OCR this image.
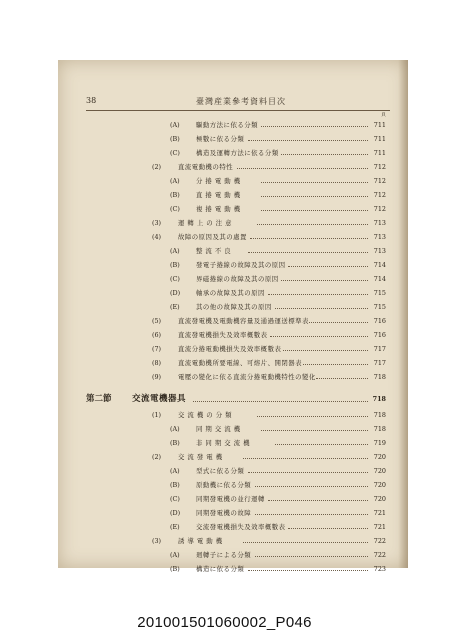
38	臺灣産業參考資料目次
頁
(A)	驅動方法に依る分類	711
(B)	極數に依る分類	711
(C)	構造及運轉方法に依る分類	711
(2)	直流電動機の特性	712
(A)	分 捲 電 動 機	712
(B)	直 捲 電 動 機	712
(C)	複 捲 電 動 機	712
(3)	運 轉 上 の 注 意	713
(4)	故障の原因及其の處置	713
(A)	整 流 不 良	713
(B)	發電子捲線の故障及其の原因	714
(C)	界磁捲線の故障及其の原因	714
(D) 軸承の故障及其の原因	715
(E)	其の他の故障及其の原因	715
(5)	直流發電機及電動機容量及通過運送標準表	716
(6)	直流發電機損失及效率概數表	716
(7)	直流分捲電動機損失及效率概數表	717
(8)	直流電動機所要電線、可熔片、開閉器表	717
(9)	電壓の變化に依る直流分捲電動機特性の變化	718
第二節 交流電機器具	718
(1)	交 流 機 の 分 類	718
(A)	同 期 交 流 機	718
(B)	非 同 期 交 流 機	719
(2)	交 流 發 電 機	720
(A)	型式に依る分類	720
(B)	原動機に依る分類	720
(C)	同期發電機の並行運轉	720
(D) 同期發電機の故障	721
(E)	交流發電機損失及效率概數表	721
(3)	誘 導 電 動 機	722
(A)	廻轉子による分類	722
(B)	構造に依る分類	723
201001501060002_P046
